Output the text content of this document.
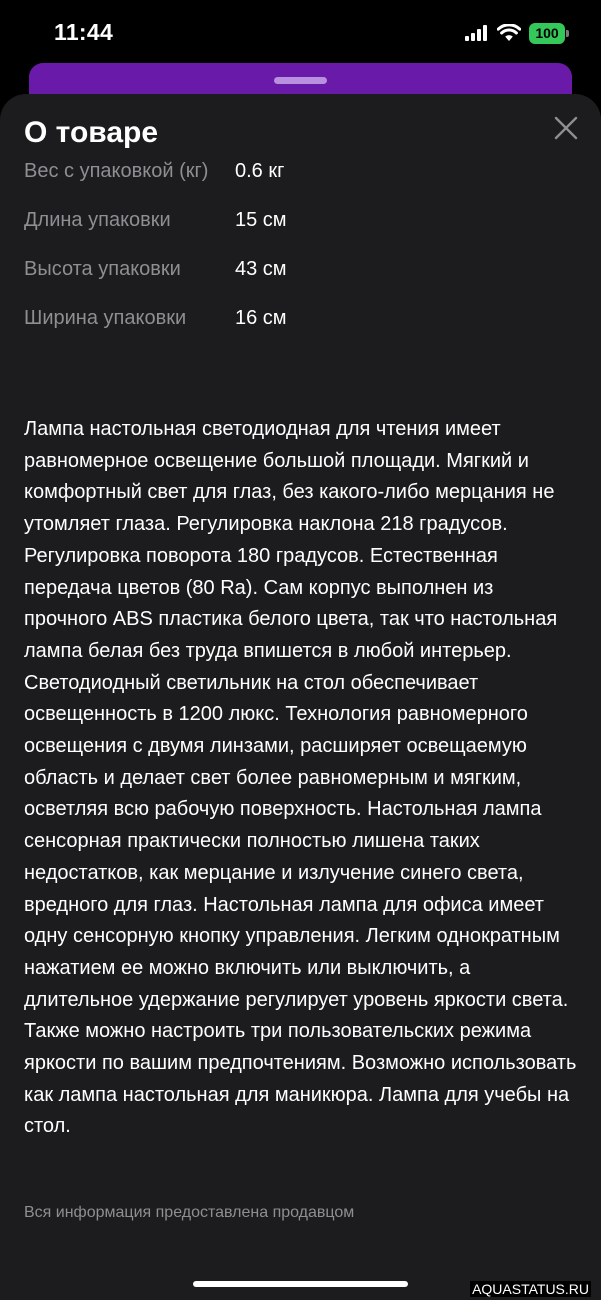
11:44	100
О товаре
Вес с упаковкой (кг)	0.6 кг
Длина упаковки	15 см
Высота упаковки	43 см
Ширина упаковки	16 см

Лампа настольная светодиодная для чтения имеет равномерное освещение большой площади. Мягкий и комфортный свет для глаз, без какого-либо мерцания не утомляет глаза. Регулировка наклона 218 градусов. Регулировка поворота 180 градусов. Естественная передача цветов (80 Ra). Сам корпус выполнен из прочного ABS пластика белого цвета, так что настольная лампа белая без труда впишется в любой интерьер. Светодиодный светильник на стол обеспечивает освещенность в 1200 люкс. Технология равномерного освещения с двумя линзами, расширяет освещаемую область и делает свет более равномерным и мягким, осветляя всю рабочую поверхность. Настольная лампа сенсорная практически полностью лишена таких недостатков, как мерцание и излучение синего света, вредного для глаз. Настольная лампа для офиса имеет одну сенсорную кнопку управления. Легким однократным нажатием ее можно включить или выключить, а длительное удержание регулирует уровень яркости света. Также можно настроить три пользовательских режима яркости по вашим предпочтениям. Возможно использовать как лампа настольная для маникюра. Лампа для учебы на стол.

Вся информация предоставлена продавцом
AQUASTATUS.RU
